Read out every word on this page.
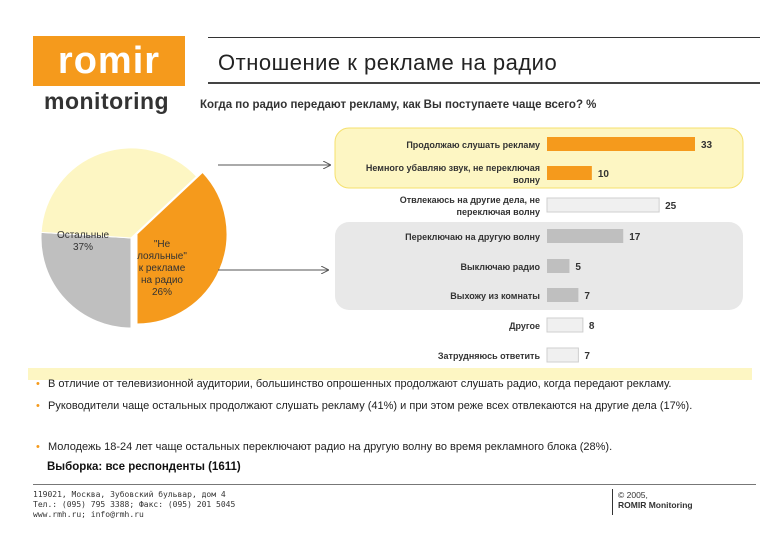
romir
monitoring
Отношение к рекламе на радио
Когда по радио передают рекламу, как Вы поступаете чаще всего? %
"Не лояльные" к рекламе на радио 26%
Остальные 37%
33
Продолжаю слушать рекламу
10
Немного убавляю звук, не переключая волну
25
Отвлекаюсь на другие дела, не переключая волну
17
Переключаю на другую волну
5
Выключаю радио
7
Выхожу из комнаты
8
Другое
7
Затрудняюсь ответить
• В отличие от телевизионной аудитории, большинство опрошенных продолжают слушать радио, когда передают рекламу.
• Руководители чаще остальных продолжают слушать рекламу (41%) и при этом реже всех отвлекаются на другие дела (17%).
• Молодежь 18-24 лет чаще остальных переключают радио на другую волну во время рекламного блока (28%).
Выборка: все респонденты (1611)
119021, Москва, Зубовский бульвар, дом 4
Тел.: (095) 795 3388; Факс: (095) 201 5045
www.rmh.ru; info@rmh.ru
© 2005,
ROMIR Monitoring
